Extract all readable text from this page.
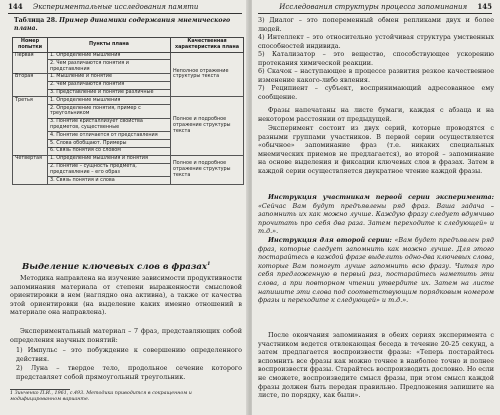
144 Экспериментальные исследования памяти
Таблица 28. Пример динамики содержания мнемического плана.
Номер попытки	Пункты плана	Качественная характеристика плана
Первая	1. Определение мышления	Неполное отражение структуры текста
	2. Чем различаются понятия и представления	
Вторая	1. Мышление и понятие	
	2. Чем различаются понятия	
	3. Представление и понятие различные	
Третья	1. Определение мышления	Полное и подробное отражение структуры текста
	2. Определение понятия, пример с треугольником	
	3. Понятие кристаллизует свойства предметов, существенные	
	4. Понятие отличается от представления	
	5. Слова обобщают. Примеры	
	6. Связь понятия со словом	
Четвертая	1. Определение мышления и понятия	Полное и подробное отражение структуры текста
	2. Понятие – сущность предмета, представление – его образ	
	3. Связь понятия и слова	
Выделение ключевых слов в фразах$^1$
Методика направлена на изучение зависимости продуктивности запоминания материала от степени выраженности смысловой ориентировки в нем (наглядно она активна), а также от качества этой ориентировки (на выделение каких именно отношений в материале она направлена).
Экспериментальный материал – 7 фраз, представляющих собой определения научных понятий:
1) Импульс – это побуждение к совершению определенного действия.
2) Луна – твердое тело, продольное сечение которого представляет собой прямоугольный треугольник.
1 Зинченко П.И., 1961, с.493. Методика приводится в сокращенном и модифицированном варианте.
Исследования структуры процесса запоминания 145
3) Диалог – это попеременный обмен репликами двух и более людей.
4) Интеллект – это относительно устойчивая структура умственных способностей индивида.
5) Катализатор – это вещество, способствующее ускорению протекания химической реакции.
6) Скачок – наступающее в процессе развития резкое качественное изменение какого-либо явления.
7) Реципиент – субъект, воспринимающий адресованное ему сообщение.
Фразы напечатаны на листе бумаги, каждая с абзаца и на некотором расстоянии от предыдущей.
Эксперимент состоит из двух серий, которые проводятся с разными группами участников. В первой серии осуществляется «обычное» запоминание фраз (т.е. никаких специальных мнемических приемов не предлагается), во второй – запоминание на основе выделения и фиксации ключевых слов в фразах. Затем в каждой серии осуществляется двукратное чтение каждой фразы.
Инструкция участникам первой серии эксперимента: «Сейчас Вам будут предъявлены ряд фраз. Ваша задача – запомнить их как можно лучше. Каждую фразу следует вдумчиво прочитать про себя два раза. Затем переходите к следующей» и т.д.».
Инструкция для второй серии: «Вам будет предъявлен ряд фраз, которые следует запомнить как можно лучше. Для этого постарайтесь в каждой фразе выделить одно-два ключевых слова, которые Вам помогут лучше запомнить всю фразу. Читая про себя предложенную в первый раз, постарайтесь наметить эти слова, а при повторном чтении утвердите их. Затем на листе напишите эти слова под соответствующим порядковым номером фразы и переходите к следующей» и т.д.».
После окончания запоминания в обеих сериях эксперимента с участником ведется отвлекающая беседа в течение 20-25 секунд, а затем предлагается воспроизвести фразы: «Теперь постарайтесь вспомнить все фразы как можно точнее в наиболее точно и полнее воспроизвести фразы. Старайтесь воспроизводить дословно. Но если не сможете, воспроизведите смысл фразы, при этом смысл каждой фразы должен быть передан правильно. Предложения запишите на листе, по порядку, как были».
